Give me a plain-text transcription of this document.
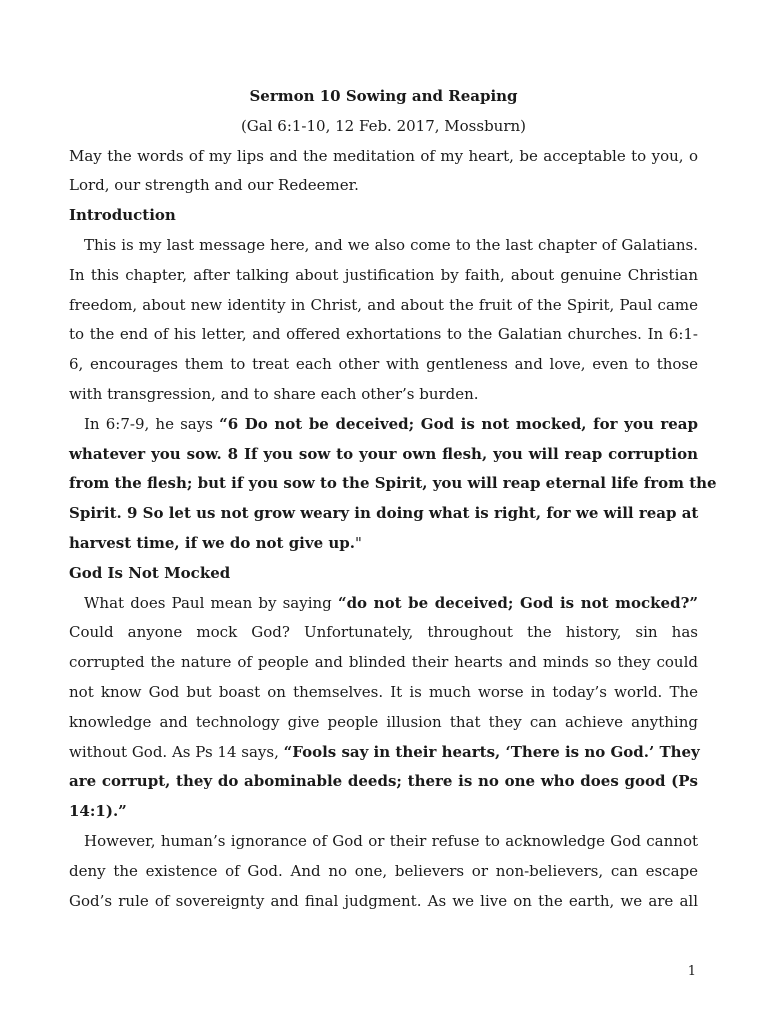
Sermon 10 Sowing and Reaping
(Gal 6:1-10, 12 Feb. 2017, Mossburn)
May the words of my lips and the meditation of my heart, be acceptable to you, o
Lord, our strength and our Redeemer.
Introduction
This is my last message here, and we also come to the last chapter of Galatians.
In this chapter, after talking about justification by faith, about genuine Christian
freedom, about new identity in Christ, and about the fruit of the Spirit, Paul came
to the end of his letter, and offered exhortations to the Galatian churches. In 6:1-
6, encourages them to treat each other with gentleness and love, even to those
with transgression, and to share each other’s burden.
In 6:7-9, he says “6 Do not be deceived; God is not mocked, for you reap
whatever you sow. 8 If you sow to your own flesh, you will reap corruption
from the flesh; but if you sow to the Spirit, you will reap eternal life from the
Spirit. 9 So let us not grow weary in doing what is right, for we will reap at
harvest time, if we do not give up."
God Is Not Mocked
What does Paul mean by saying “do not be deceived; God is not mocked?”
Could anyone mock God? Unfortunately, throughout the history, sin has
corrupted the nature of people and blinded their hearts and minds so they could
not know God but boast on themselves. It is much worse in today’s world. The
knowledge and technology give people illusion that they can achieve anything
without God. As Ps 14 says, “Fools say in their hearts, ‘There is no God.’ They
are corrupt, they do abominable deeds; there is no one who does good (Ps
14:1).”
However, human’s ignorance of God or their refuse to acknowledge God cannot
deny the existence of God. And no one, believers or non-believers, can escape
God’s rule of sovereignty and final judgment. As we live on the earth, we are all
1
